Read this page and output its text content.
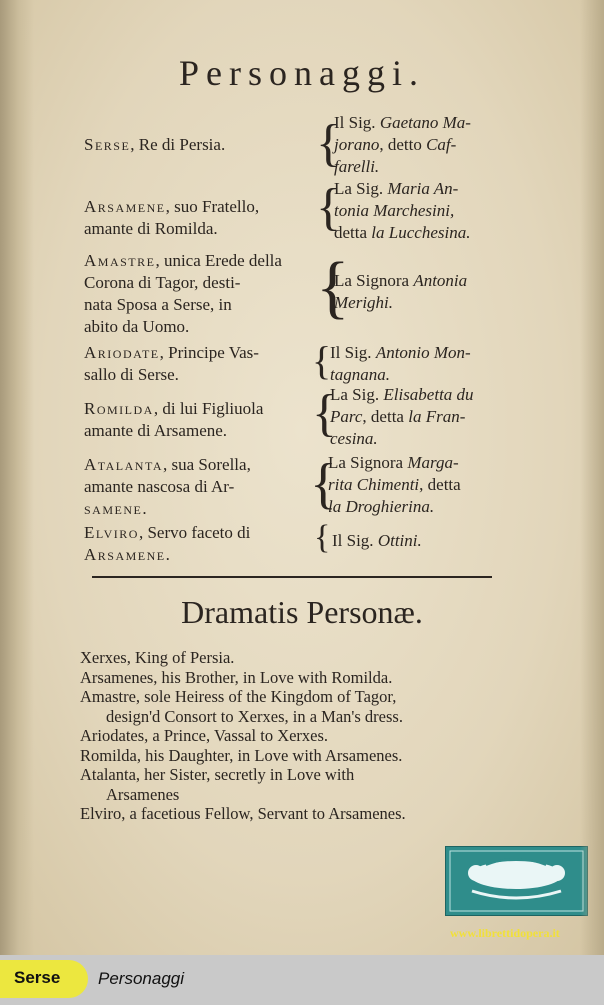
Personaggi.
Serse, Re di Persia. {
Il Sig. Gaetano Ma-
jorano, detto Caf-
farelli.
Arsamene, suo Fratello,
amante di Romilda.	{
La Sig. Maria An-
tonia Marchesini,
detta la Lucchesina.
Amastre, unica Erede della
Corona di Tagor, desti-
nata Sposa a Serse, in
abito da Uomo.
{
La Signora Antonia
Merighi.
Ariodate, Principe Vas-
sallo di Serse.	{
Il Sig. Antonio Mon-
tagnana.
Romilda, di lui Figliuola
amante di Arsamene.	{
La Sig. Elisabetta du
Parc, detta la Fran-
cesina.
Atalanta, sua Sorella,
amante nascosa di Ar-
samene.	{
La Signora Marga-
rita Chimenti, detta
la Droghierina.
Elviro, Servo faceto di
Arsamene.	{ Il Sig. Ottini.
Dramatis Personæ.
Xerxes, King of Persia.
Arsamenes, his Brother, in Love with Romilda.
Amastre, sole Heiress of the Kingdom of Tagor,
design'd Consort to Xerxes, in a Man's dress.
Ariodates, a Prince, Vassal to Xerxes.
Romilda, his Daughter, in Love with Arsamenes.
Atalanta, her Sister, secretly in Love with
Arsamenes
Elviro, a facetious Fellow, Servant to Arsamenes.
www.librettidopera.it
Serse Personaggi
